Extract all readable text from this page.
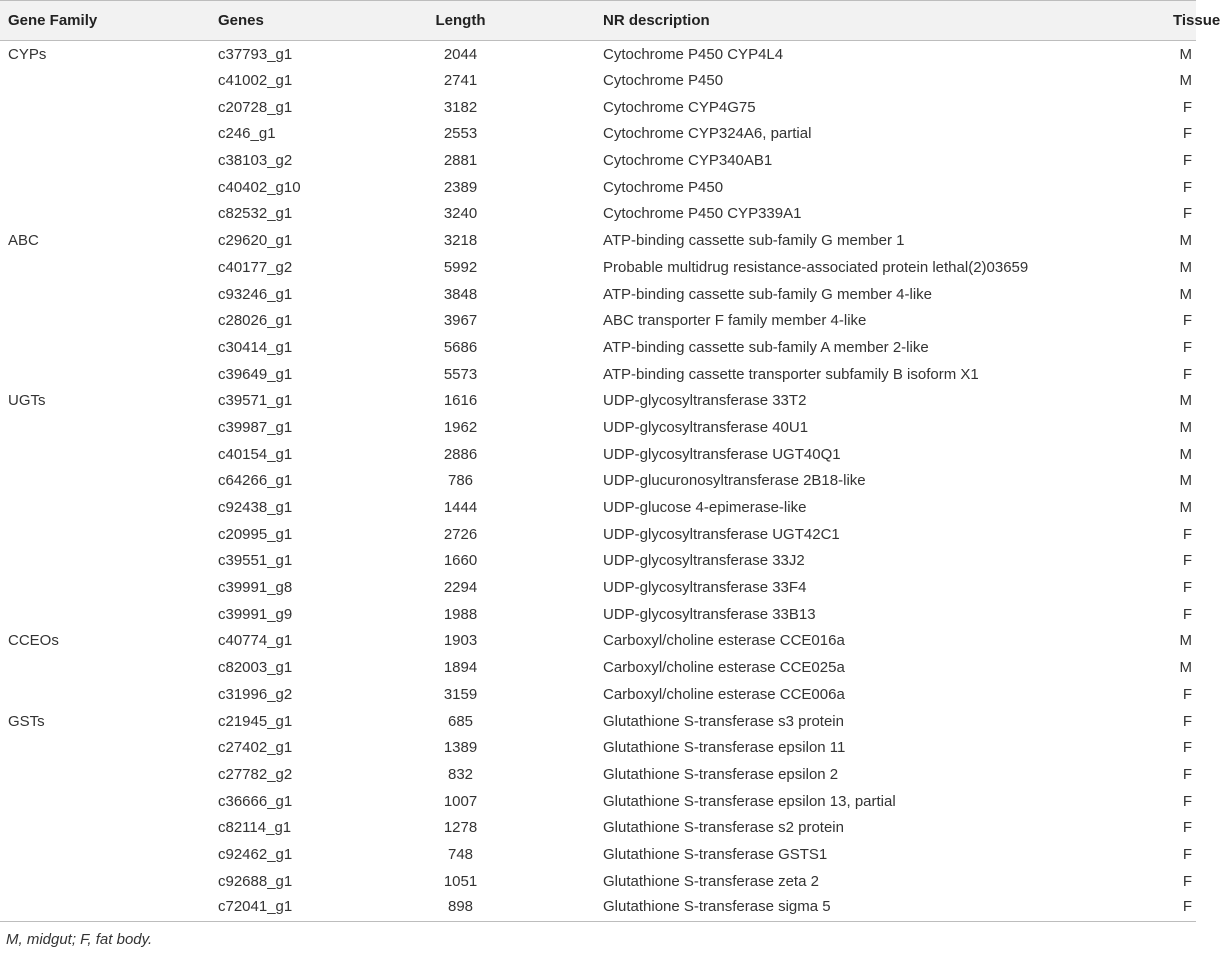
Gene Family	Genes	Length	NR description	Tissue
CYPs	c37793_g1	2044	Cytochrome P450 CYP4L4	M
	c41002_g1	2741	Cytochrome P450	M
	c20728_g1	3182	Cytochrome CYP4G75	F
	c246_g1	2553	Cytochrome CYP324A6, partial	F
	c38103_g2	2881	Cytochrome CYP340AB1	F
	c40402_g10	2389	Cytochrome P450	F
	c82532_g1	3240	Cytochrome P450 CYP339A1	F
ABC	c29620_g1	3218	ATP-binding cassette sub-family G member 1	M
	c40177_g2	5992	Probable multidrug resistance-associated protein lethal(2)03659	M
	c93246_g1	3848	ATP-binding cassette sub-family G member 4-like	M
	c28026_g1	3967	ABC transporter F family member 4-like	F
	c30414_g1	5686	ATP-binding cassette sub-family A member 2-like	F
	c39649_g1	5573	ATP-binding cassette transporter subfamily B isoform X1	F
UGTs	c39571_g1	1616	UDP-glycosyltransferase 33T2	M
	c39987_g1	1962	UDP-glycosyltransferase 40U1	M
	c40154_g1	2886	UDP-glycosyltransferase UGT40Q1	M
	c64266_g1	786	UDP-glucuronosyltransferase 2B18-like	M
	c92438_g1	1444	UDP-glucose 4-epimerase-like	M
	c20995_g1	2726	UDP-glycosyltransferase UGT42C1	F
	c39551_g1	1660	UDP-glycosyltransferase 33J2	F
	c39991_g8	2294	UDP-glycosyltransferase 33F4	F
	c39991_g9	1988	UDP-glycosyltransferase 33B13	F
CCEOs	c40774_g1	1903	Carboxyl/choline esterase CCE016a	M
	c82003_g1	1894	Carboxyl/choline esterase CCE025a	M
	c31996_g2	3159	Carboxyl/choline esterase CCE006a	F
GSTs	c21945_g1	685	Glutathione S-transferase s3 protein	F
	c27402_g1	1389	Glutathione S-transferase epsilon 11	F
	c27782_g2	832	Glutathione S-transferase epsilon 2	F
	c36666_g1	1007	Glutathione S-transferase epsilon 13, partial	F
	c82114_g1	1278	Glutathione S-transferase s2 protein	F
	c92462_g1	748	Glutathione S-transferase GSTS1	F
	c92688_g1	1051	Glutathione S-transferase zeta 2	F
	c72041_g1	898	Glutathione S-transferase sigma 5	F
M, midgut; F, fat body.
